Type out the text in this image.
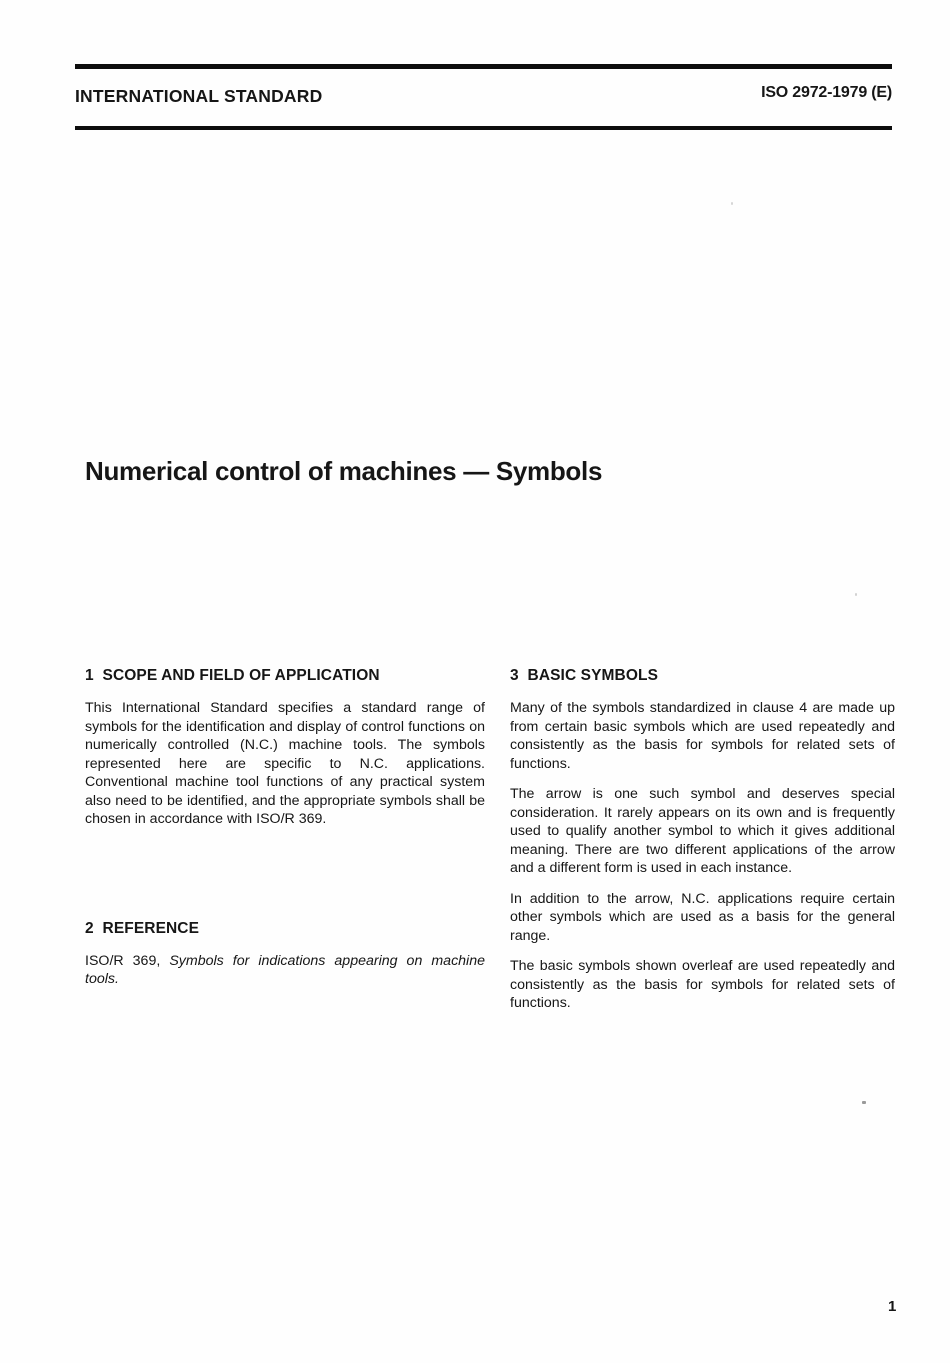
INTERNATIONAL STANDARD	ISO 2972-1979 (E)
Numerical control of machines — Symbols
1  SCOPE AND FIELD OF APPLICATION

This International Standard specifies a standard range of symbols for the identification and display of control functions on numerically controlled (N.C.) machine tools. The symbols represented here are specific to N.C. applications. Conventional machine tool functions of any practical system also need to be identified, and the appropriate symbols shall be chosen in accordance with ISO/R 369.

2  REFERENCE

ISO/R 369, Symbols for indications appearing on machine tools.

3  BASIC SYMBOLS

Many of the symbols standardized in clause 4 are made up from certain basic symbols which are used repeatedly and consistently as the basis for symbols for related sets of functions.

The arrow is one such symbol and deserves special consideration. It rarely appears on its own and is frequently used to qualify another symbol to which it gives additional meaning. There are two different applications of the arrow and a different form is used in each instance.

In addition to the arrow, N.C. applications require certain other symbols which are used as a basis for the general range.

The basic symbols shown overleaf are used repeatedly and consistently as the basis for symbols for related sets of functions.

1
